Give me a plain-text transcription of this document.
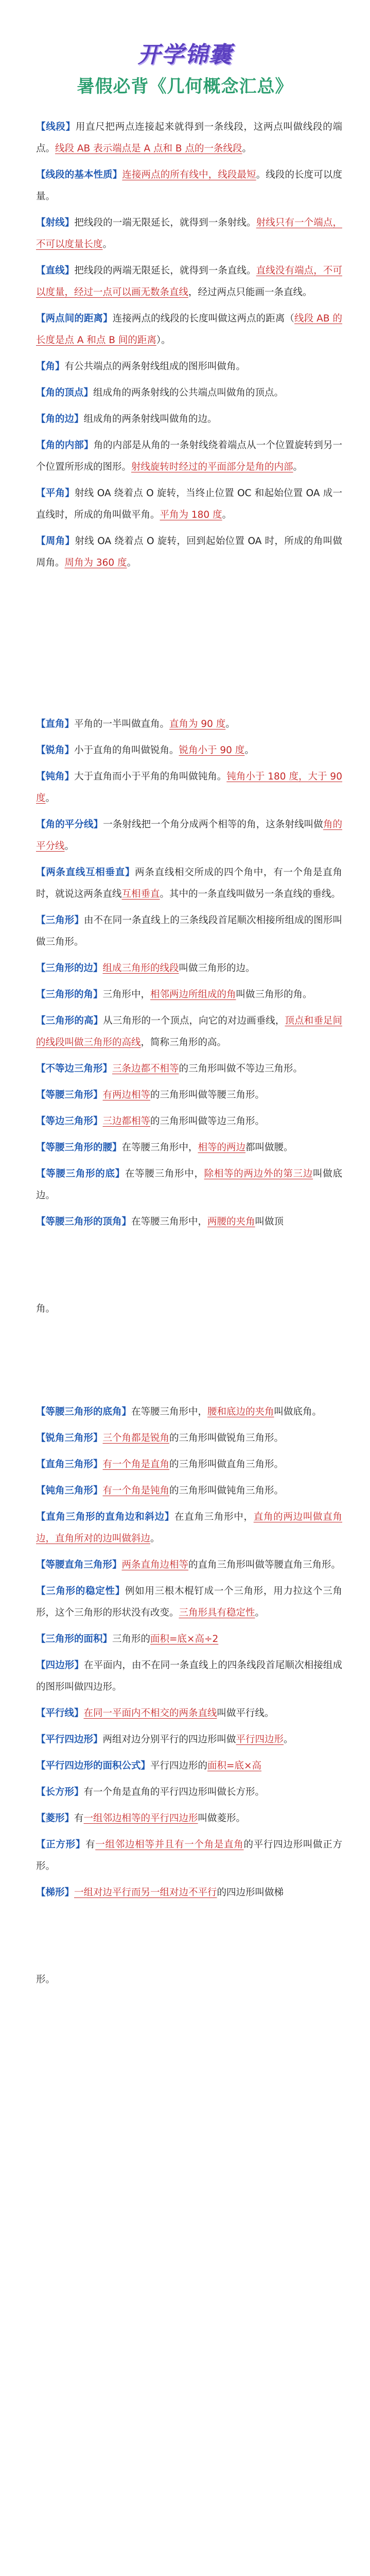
开学锦囊
暑假必背《几何概念汇总》

【线段】用直尺把两点连接起来就得到一条线段，这两点叫做线段的端点。线段 AB 表示端点是 A 点和 B 点的一条线段。

【线段的基本性质】连接两点的所有线中，线段最短。线段的长度可以度量。

【射线】把线段的一端无限延长，就得到一条射线。射线只有一个端点，不可以度量长度。

【直线】把线段的两端无限延长，就得到一条直线。直线没有端点，不可以度量，经过一点可以画无数条直线，经过两点只能画一条直线。

【两点间的距离】连接两点的线段的长度叫做这两点的距离（线段 AB 的长度是点 A 和点 B 间的距离）。

【角】有公共端点的两条射线组成的图形叫做角。

【角的顶点】组成角的两条射线的公共端点叫做角的顶点。

【角的边】组成角的两条射线叫做角的边。

【角的内部】角的内部是从角的一条射线绕着端点从一个位置旋转到另一个位置所形成的图形。射线旋转时经过的平面部分是角的内部。

【平角】射线 OA 绕着点 O 旋转，当终止位置 OC 和起始位置 OA 成一直线时，所成的角叫做平角。平角为 180 度。

【周角】射线 OA 绕着点 O 旋转，回到起始位置 OA 时，所成的角叫做周角。周角为 360 度。

【直角】平角的一半叫做直角。直角为 90 度。

【锐角】小于直角的角叫做锐角。锐角小于 90 度。

【钝角】大于直角而小于平角的角叫做钝角。钝角小于 180 度，大于 90 度。

【角的平分线】一条射线把一个角分成两个相等的角，这条射线叫做角的平分线。

【两条直线互相垂直】两条直线相交所成的四个角中，有一个角是直角时，就说这两条直线互相垂直。其中的一条直线叫做另一条直线的垂线。

【三角形】由不在同一条直线上的三条线段首尾顺次相接所组成的图形叫做三角形。

【三角形的边】组成三角形的线段叫做三角形的边。

【三角形的角】三角形中，相邻两边所组成的角叫做三角形的角。

【三角形的高】从三角形的一个顶点，向它的对边画垂线，顶点和垂足间的线段叫做三角形的高线，简称三角形的高。

【不等边三角形】三条边都不相等的三角形叫做不等边三角形。

【等腰三角形】有两边相等的三角形叫做等腰三角形。

【等边三角形】三边都相等的三角形叫做等边三角形。

【等腰三角形的腰】在等腰三角形中，相等的两边都叫做腰。

【等腰三角形的底】在等腰三角形中，除相等的两边外的第三边叫做底边。

【等腰三角形的顶角】在等腰三角形中，两腰的夹角叫做顶

角。

【等腰三角形的底角】在等腰三角形中，腰和底边的夹角叫做底角。

【锐角三角形】三个角都是锐角的三角形叫做锐角三角形。

【直角三角形】有一个角是直角的三角形叫做直角三角形。

【钝角三角形】有一个角是钝角的三角形叫做钝角三角形。

【直角三角形的直角边和斜边】在直角三角形中，直角的两边叫做直角边，直角所对的边叫做斜边。

【等腰直角三角形】两条直角边相等的直角三角形叫做等腰直角三角形。

【三角形的稳定性】例如用三根木棍钉成一个三角形，用力拉这个三角形，这个三角形的形状没有改变。三角形具有稳定性。

【三角形的面积】三角形的面积=底×高÷2

【四边形】在平面内，由不在同一条直线上的四条线段首尾顺次相接组成的图形叫做四边形。

【平行线】在同一平面内不相交的两条直线叫做平行线。

【平行四边形】两组对边分别平行的四边形叫做平行四边形。

【平行四边形的面积公式】平行四边形的面积=底×高

【长方形】有一个角是直角的平行四边形叫做长方形。

【菱形】有一组邻边相等的平行四边形叫做菱形。

【正方形】有一组邻边相等并且有一个角是直角的平行四边形叫做正方形。

【梯形】一组对边平行而另一组对边不平行的四边形叫做梯

形。
